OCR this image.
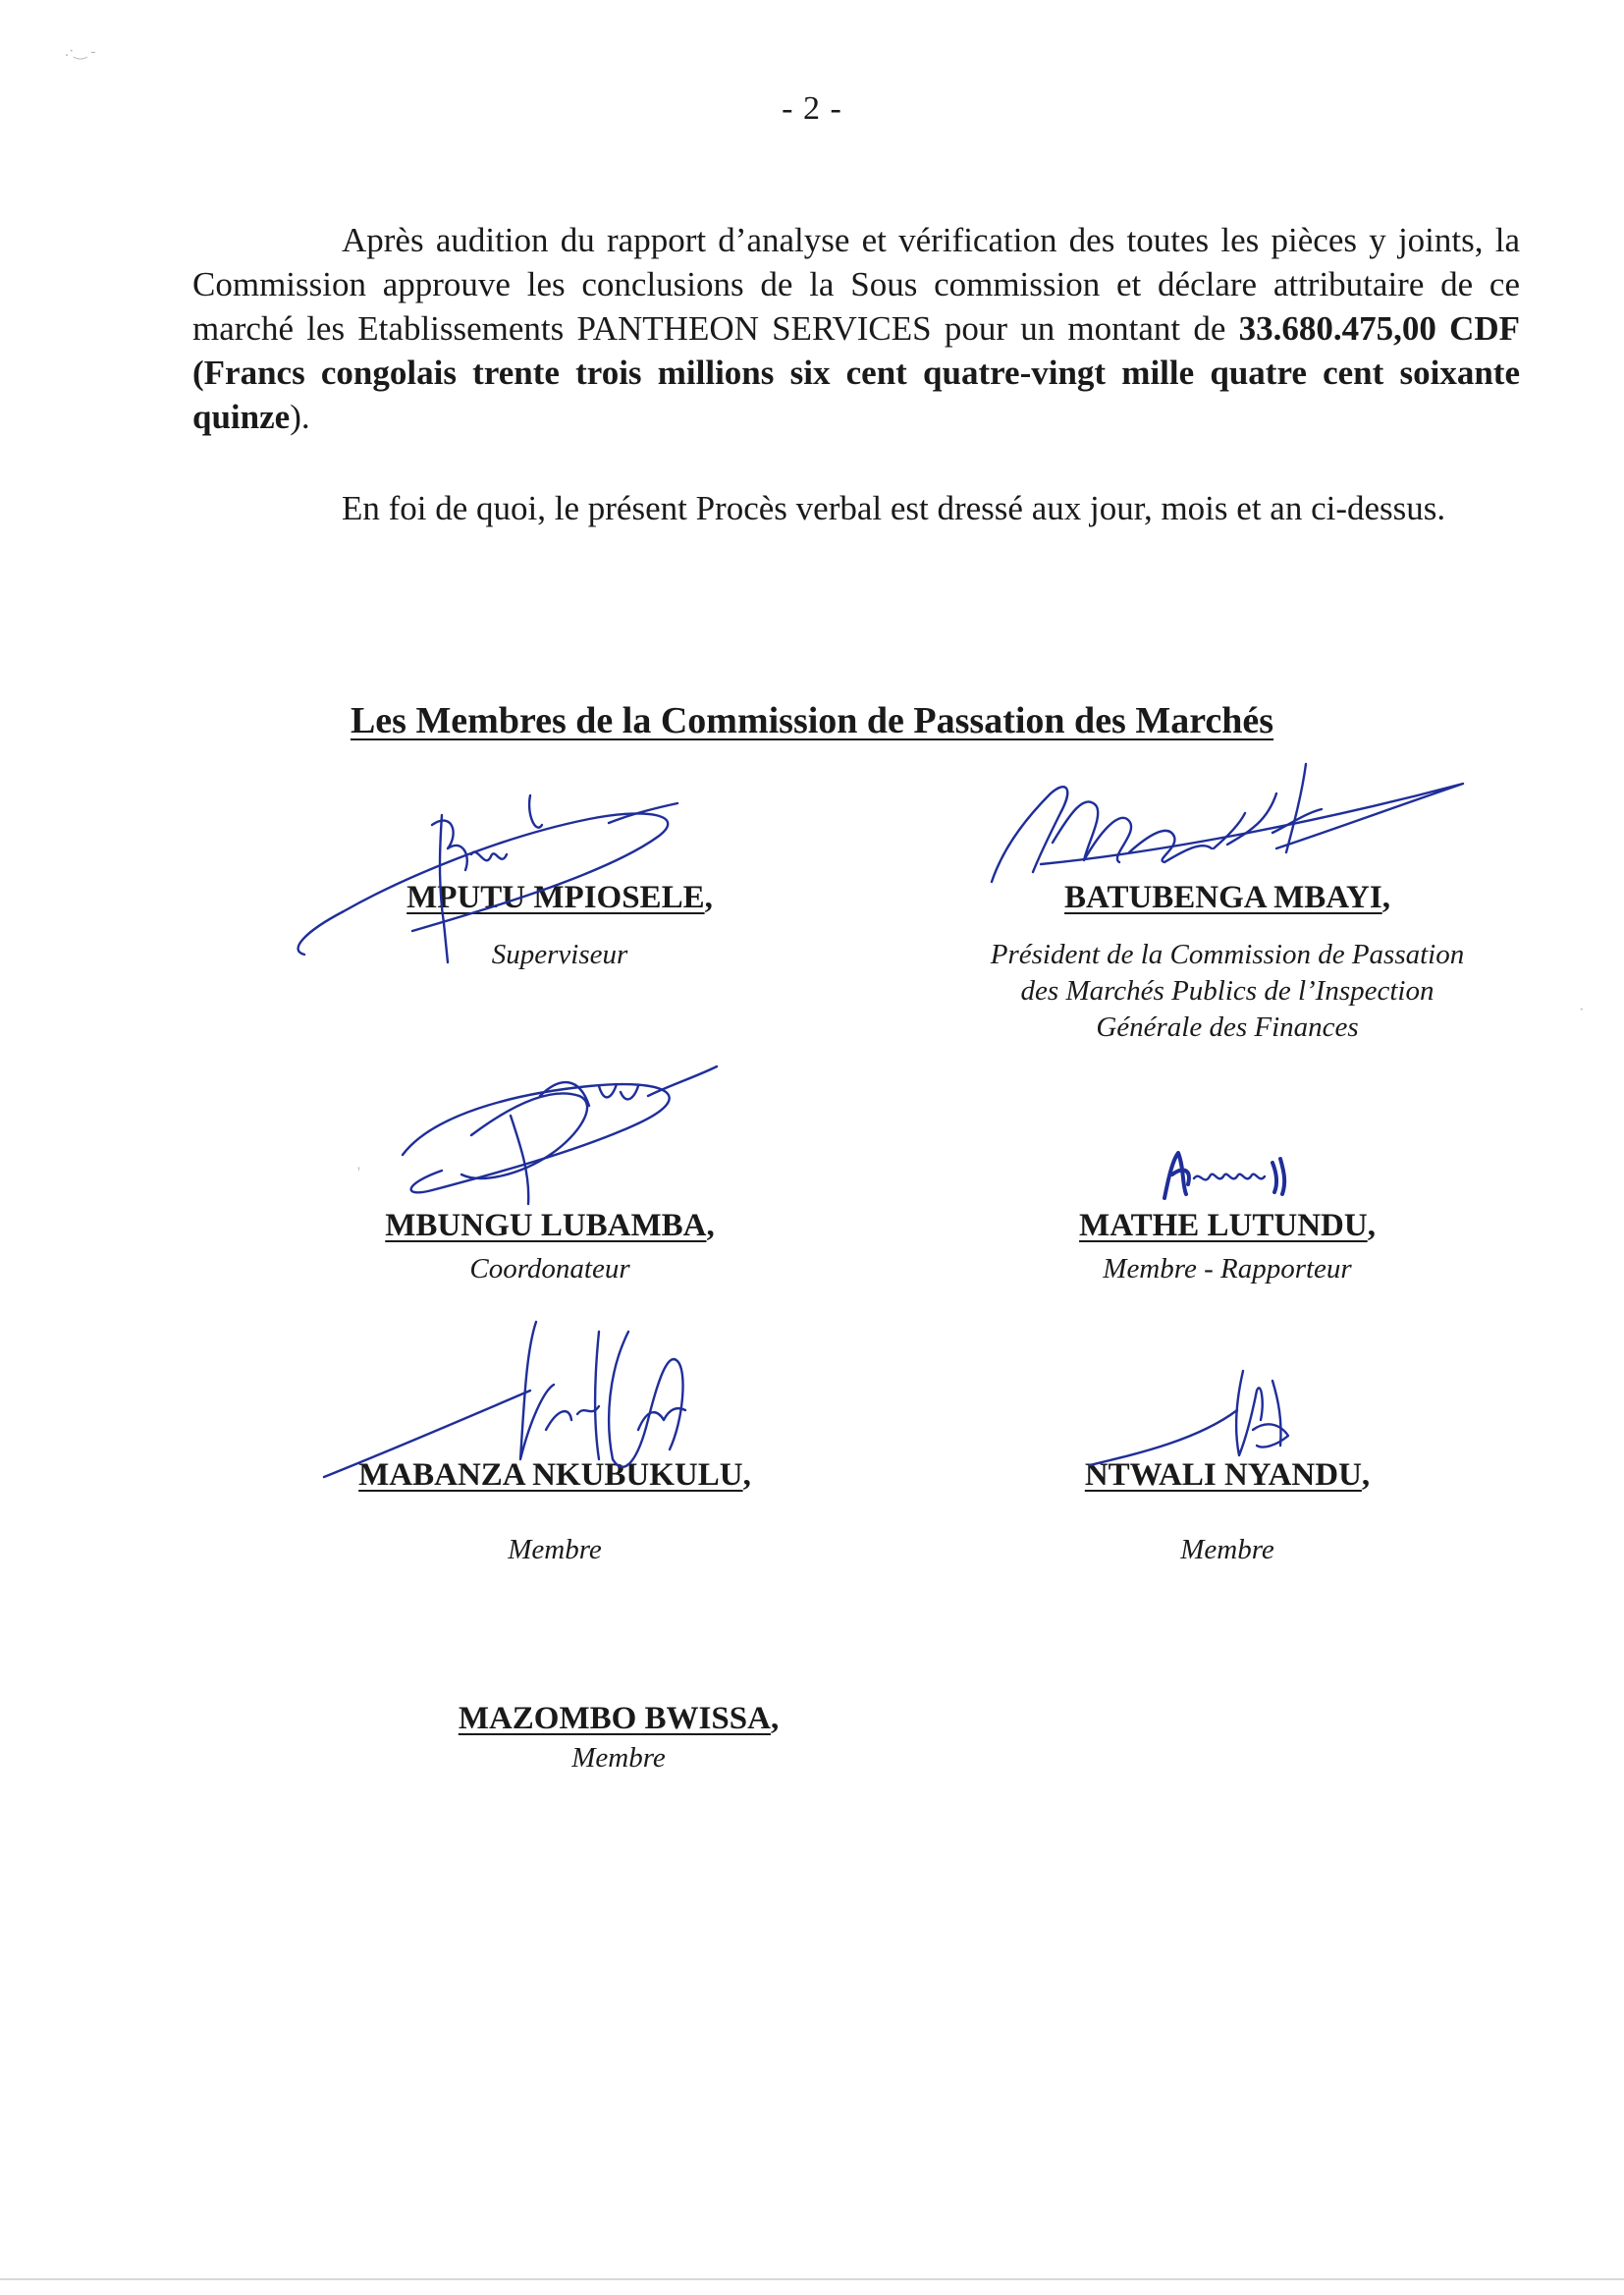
.·‿ ‐
- 2 -

Après audition du rapport d’analyse et vérification des toutes les pièces y joints, la Commission approuve les conclusions de la Sous commission et déclare attributaire de ce marché les Etablissements PANTHEON SERVICES pour un montant de 33.680.475,00 CDF (Francs congolais trente trois millions six cent quatre-vingt mille quatre cent soixante quinze).

En foi de quoi, le présent Procès verbal est dressé aux jour, mois et an ci-dessus.

Les Membres de la Commission de Passation des Marchés
MPUTU MPIOSELE,
Superviseur
BATUBENGA MBAYI,
Président de la Commission de Passation
des Marchés Publics de l’Inspection
Générale des Finances
MBUNGU LUBAMBA,
Coordonateur
MATHE LUTUNDU,
Membre - Rapporteur
MABANZA NKUBUKULU,
Membre
NTWALI NYANDU,
Membre
MAZOMBO BWISSA,
Membre
·
'
